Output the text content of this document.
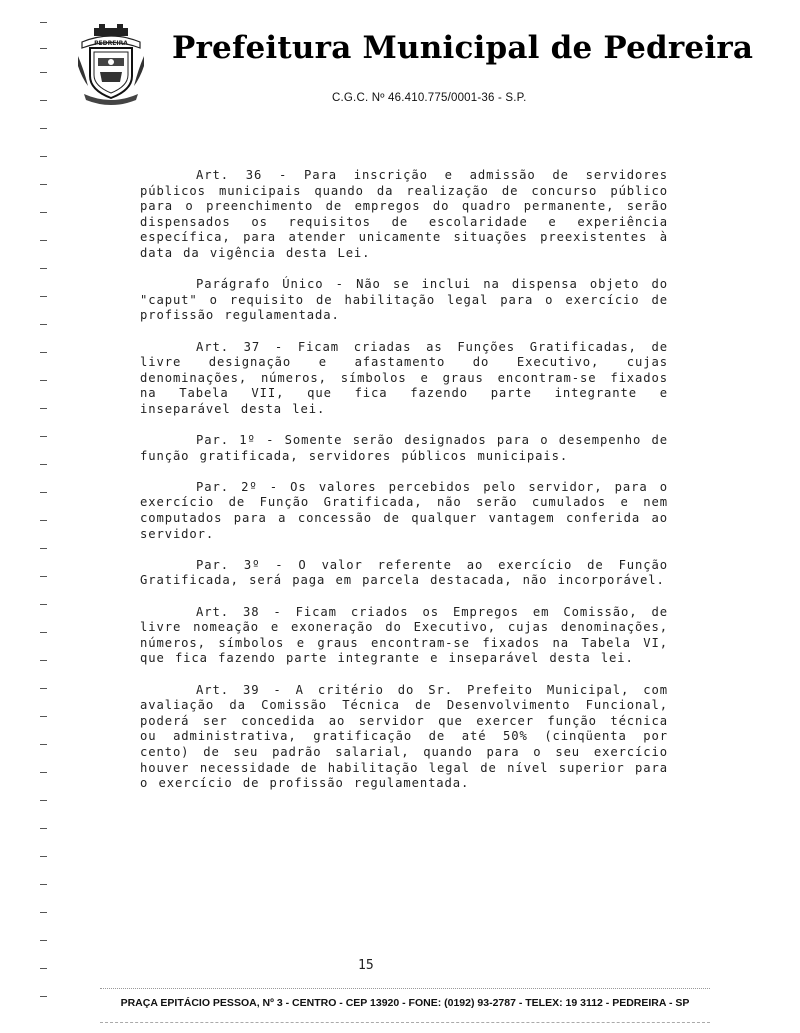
PEDREIRA Prefeitura Municipal de Pedreira
C.G.C. Nº 46.410.775/0001-36 - S.P.

Art. 36 - Para inscrição e admissão de servidores públicos municipais quando da realização de concurso público para o preenchimento de empregos do quadro permanente, serão dispensados os requisitos de escolaridade e experiência específica, para atender unicamente situações preexistentes à data da vigência desta Lei.

Parágrafo Único - Não se inclui na dispensa objeto do "caput" o requisito de habilitação legal para o exercício de profissão regulamentada.

Art. 37 - Ficam criadas as Funções Gratificadas, de livre designação e afastamento do Executivo, cujas denominações, números, símbolos e graus encontram-se fixados na Tabela VII, que fica fazendo parte integrante e inseparável desta lei.

Par. 1º - Somente serão designados para o desempenho de função gratificada, servidores públicos municipais.

Par. 2º - Os valores percebidos pelo servidor, para o exercício de Função Gratificada, não serão cumulados e nem computados para a concessão de qualquer vantagem conferida ao servidor.

Par. 3º - O valor referente ao exercício de Função Gratificada, será paga em parcela destacada, não incorporável.

Art. 38 - Ficam criados os Empregos em Comissão, de livre nomeação e exoneração do Executivo, cujas denominações, números, símbolos e graus encontram-se fixados na Tabela VI, que fica fazendo parte integrante e inseparável desta lei.

Art. 39 - A critério do Sr. Prefeito Municipal, com avaliação da Comissão Técnica de Desenvolvimento Funcional, poderá ser concedida ao servidor que exercer função técnica ou administrativa, gratificação de até 50% (cinqüenta por cento) de seu padrão salarial, quando para o seu exercício houver necessidade de habilitação legal de nível superior para o exercício de profissão regulamentada.

15
PRAÇA EPITÁCIO PESSOA, Nº 3 - CENTRO - CEP 13920 - FONE: (0192) 93-2787 - TELEX: 19 3112 - PEDREIRA - SP
